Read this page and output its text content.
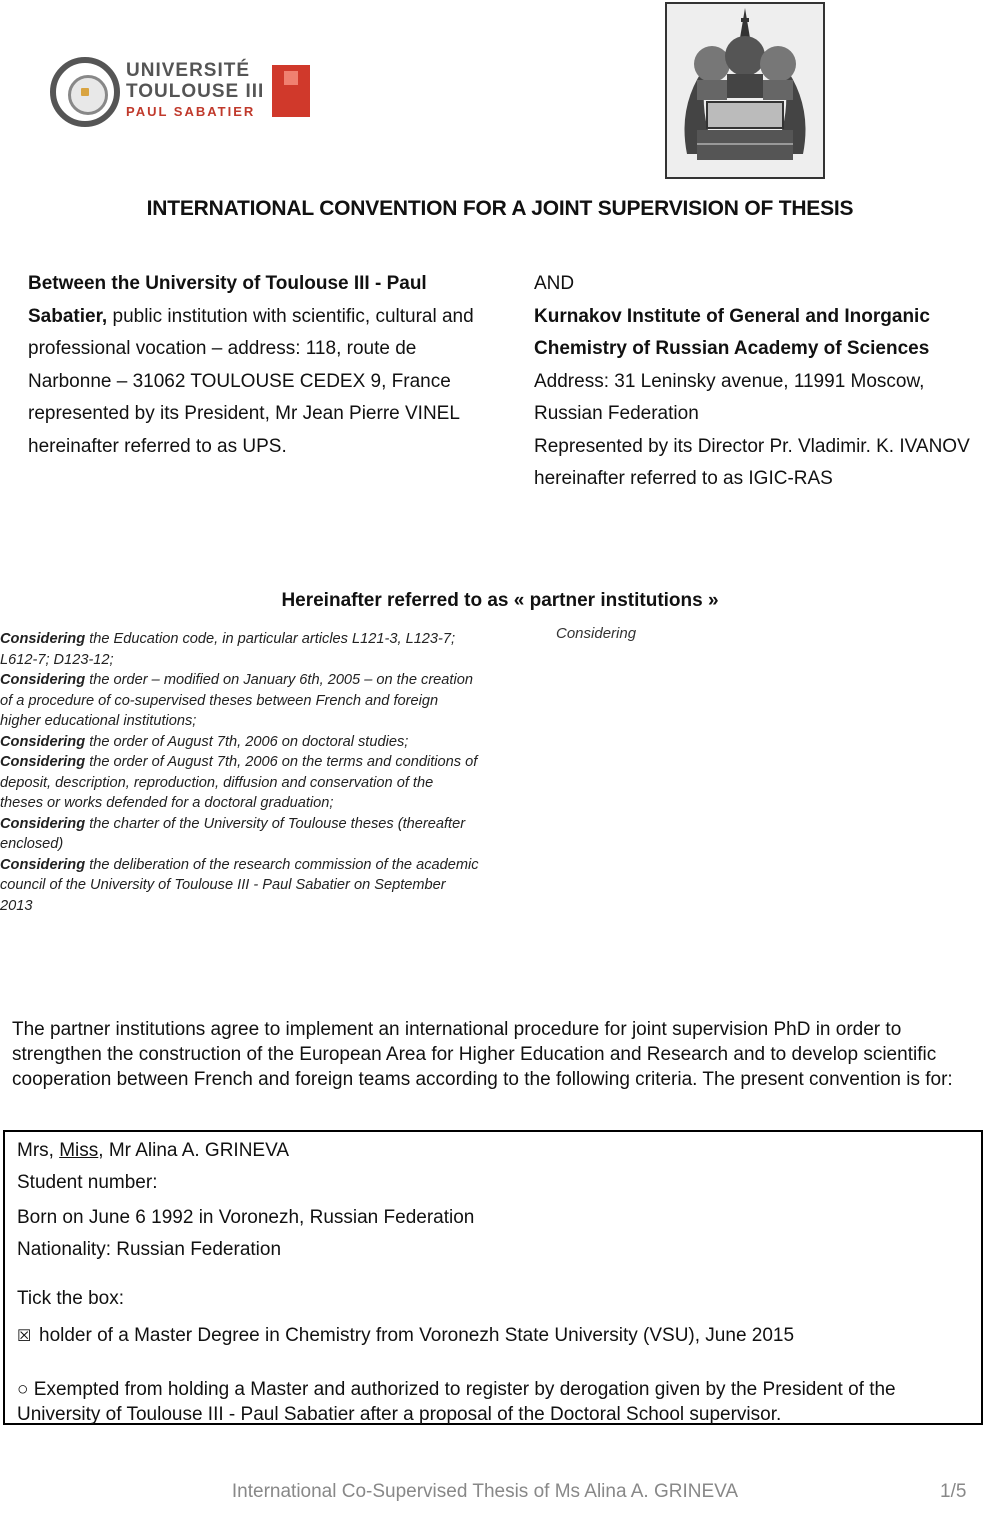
UNIVERSITÉ
TOULOUSE III
PAUL SABATIER
INTERNATIONAL CONVENTION FOR A JOINT SUPERVISION OF THESIS
Between the University of Toulouse III - Paul Sabatier, public institution with scientific, cultural and professional vocation – address: 118, route de Narbonne – 31062 TOULOUSE CEDEX 9, France
represented by its President, Mr Jean Pierre VINEL
hereinafter referred to as UPS.
AND
Kurnakov Institute of General and Inorganic Chemistry of Russian Academy of Sciences
Address: 31 Leninsky avenue, 11991 Moscow, Russian Federation
Represented by its Director Pr. Vladimir. K. IVANOV
hereinafter referred to as IGIC-RAS
Hereinafter referred to as « partner institutions »
Considering

Considering the Education code, in particular articles L121-3, L123-7; L612-7; D123-12;

Considering the order – modified on January 6th, 2005 – on the creation of a procedure of co-supervised theses between French and foreign higher educational institutions;

Considering the order of August 7th, 2006 on doctoral studies;

Considering the order of August 7th, 2006 on the terms and conditions of deposit, description, reproduction, diffusion and conservation of the theses or works defended for a doctoral graduation;

Considering the charter of the University of Toulouse theses (thereafter enclosed)

Considering the deliberation of the research commission of the academic council of the University of Toulouse III - Paul Sabatier on September 2013

The partner institutions agree to implement an international procedure for joint supervision PhD in order to strengthen the construction of the European Area for Higher Education and Research and to develop scientific cooperation between French and foreign teams according to the following criteria. The present convention is for:
Mrs, Miss, Mr Alina A. GRINEVA
Student number:
Born on June 6 1992 in Voronezh, Russian Federation
Nationality: Russian Federation
Tick the box:
☒ holder of a Master Degree in Chemistry from Voronezh State University (VSU), June 2015
○ Exempted from holding a Master and authorized to register by derogation given by the President of the University of Toulouse III - Paul Sabatier after a proposal of the Doctoral School supervisor.
International Co-Supervised Thesis of Ms Alina A. GRINEVA	1/5
